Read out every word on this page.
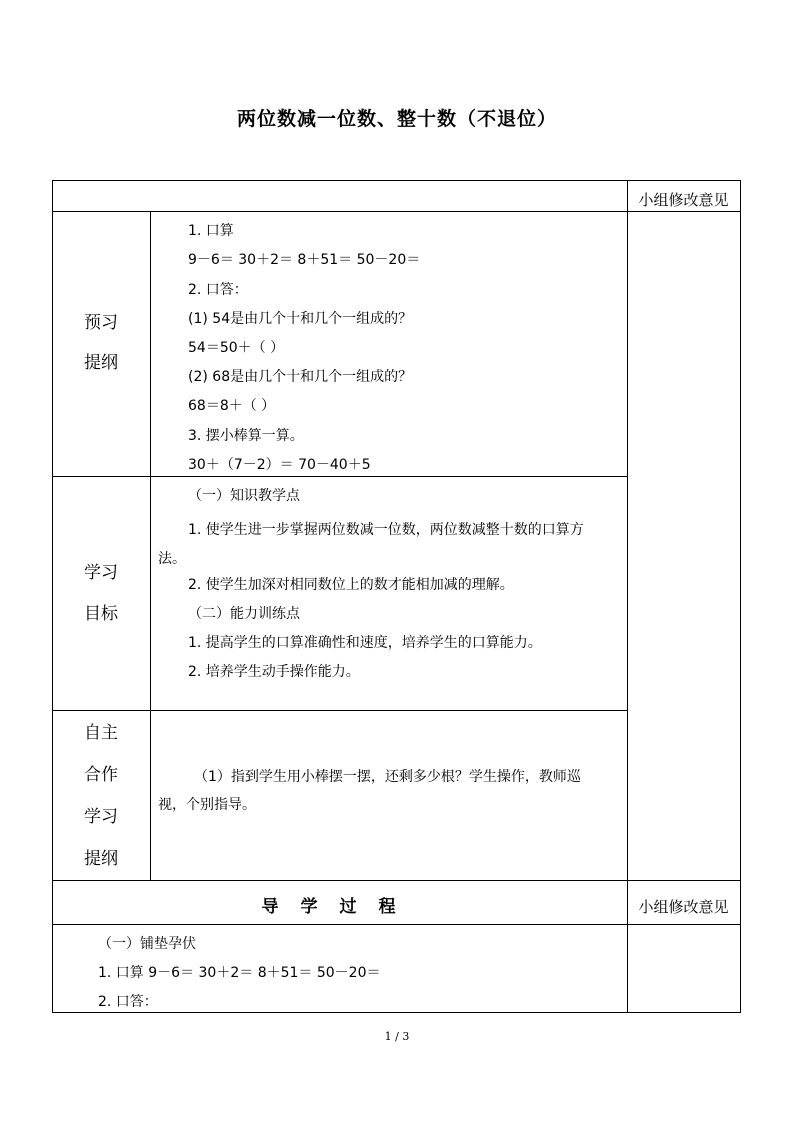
两位数减一位数、整十数（不退位）
小组修改意见
小组修改意见
预习
提纲
1. 口算
9－6＝ 30＋2＝ 8＋51＝ 50－20＝
2. 口答：
(1) 54是由几个十和几个一组成的？
54＝50＋（ ）
(2) 68是由几个十和几个一组成的？
68＝8＋（ ）
3. 摆小棒算一算。
30＋（7－2）＝ 70－40＋5
学习
目标
（一）知识教学点
1. 使学生进一步掌握两位数减一位数，两位数减整十数的口算方法。
2. 使学生加深对相同数位上的数才能相加减的理解。
（二）能力训练点
1. 提高学生的口算准确性和速度，培养学生的口算能力。
2. 培养学生动手操作能力。
自主
合作
学习
提纲
（1）指到学生用小棒摆一摆，还剩多少根？学生操作，教师巡视，个别指导。
导学过程
（一）铺垫孕伏
1. 口算 9－6＝ 30＋2＝ 8＋51＝ 50－20＝
2. 口答：
1 / 3
